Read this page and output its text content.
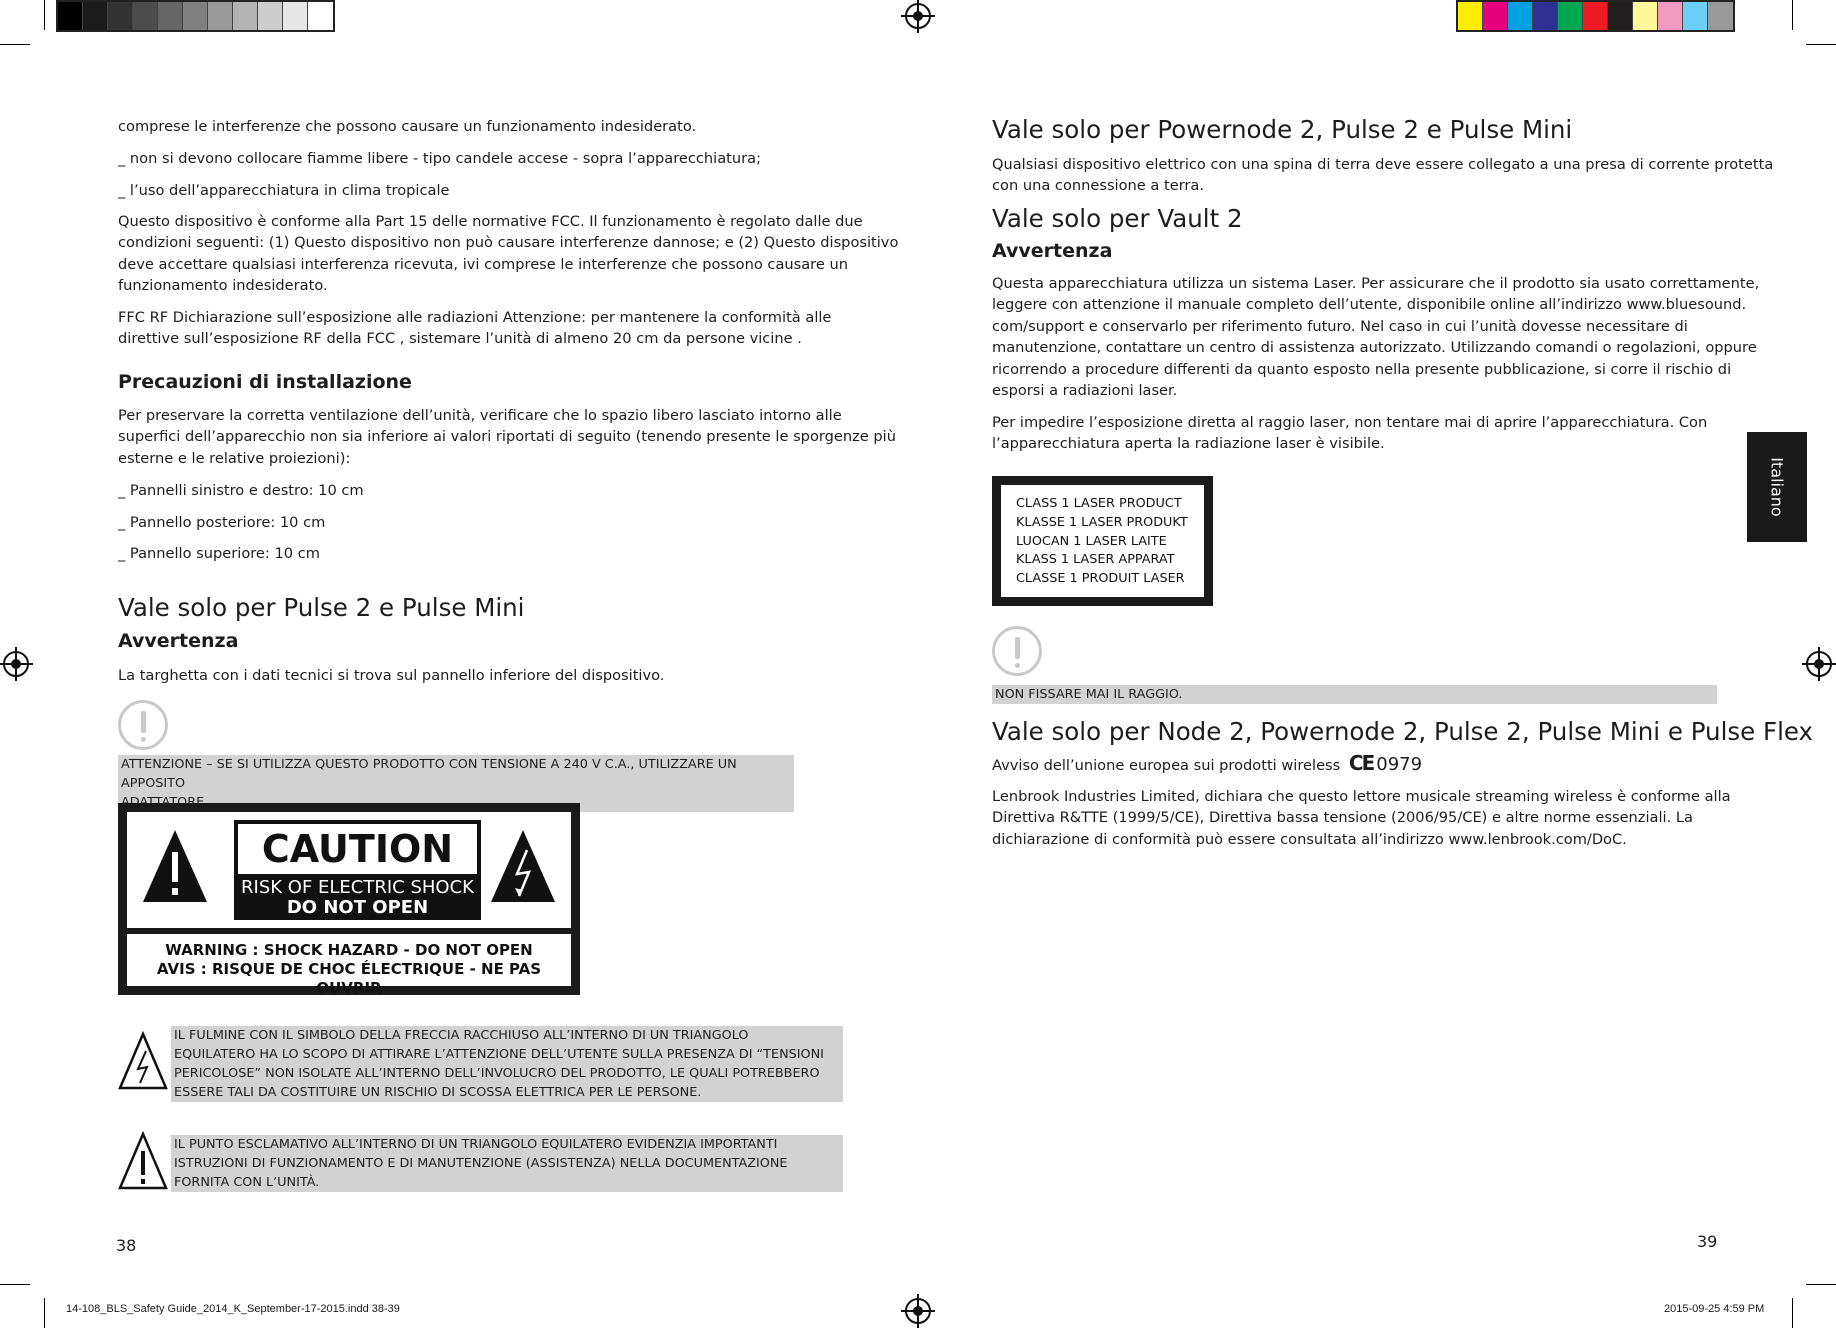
comprese le interferenze che possono causare un funzionamento indesiderato.
_ non si devono collocare fiamme libere - tipo candele accese - sopra l’apparecchiatura;
_ l’uso dell’apparecchiatura in clima tropicale
Questo dispositivo è conforme alla Part 15 delle normative FCC. Il funzionamento è regolato dalle due
condizioni seguenti: (1) Questo dispositivo non può causare interferenze dannose; e (2) Questo dispositivo
deve accettare qualsiasi interferenza ricevuta, ivi comprese le interferenze che possono causare un
funzionamento indesiderato.
FFC RF Dichiarazione sull’esposizione alle radiazioni Attenzione: per mantenere la conformità alle
direttive sull’esposizione RF della FCC , sistemare l’unità di almeno 20 cm da persone vicine .
Precauzioni di installazione
Per preservare la corretta ventilazione dell’unità, verificare che lo spazio libero lasciato intorno alle
superfici dell’apparecchio non sia inferiore ai valori riportati di seguito (tenendo presente le sporgenze più
esterne e le relative proiezioni):
_ Pannelli sinistro e destro: 10 cm
_ Pannello posteriore: 10 cm
_ Pannello superiore: 10 cm
Vale solo per Pulse 2 e Pulse Mini
Avvertenza
La targhetta con i dati tecnici si trova sul pannello inferiore del dispositivo.
ATTENZIONE – SE SI UTILIZZA QUESTO PRODOTTO CON TENSIONE A 240 V C.A., UTILIZZARE UN APPOSITO
CAUTION
RISK OF ELECTRIC SHOCK
DO NOT OPEN
WARNING : SHOCK HAZARD - DO NOT OPEN
AVIS : RISQUE DE CHOC ÉLECTRIQUE - NE PAS OUVRIR
IL FULMINE CON IL SIMBOLO DELLA FRECCIA RACCHIUSO ALL’INTERNO DI UN TRIANGOLO
EQUILATERO HA LO SCOPO DI ATTIRARE L’ATTENZIONE DELL’UTENTE SULLA PRESENZA DI “TENSIONI
PERICOLOSE” NON ISOLATE ALL’INTERNO DELL’INVOLUCRO DEL PRODOTTO, LE QUALI POTREBBERO
ESSERE TALI DA COSTITUIRE UN RISCHIO DI SCOSSA ELETTRICA PER LE PERSONE.
IL PUNTO ESCLAMATIVO ALL’INTERNO DI UN TRIANGOLO EQUILATERO EVIDENZIA IMPORTANTI
ISTRUZIONI DI FUNZIONAMENTO E DI MANUTENZIONE (ASSISTENZA) NELLA DOCUMENTAZIONE
FORNITA CON L’UNITÀ.
38
Vale solo per Powernode 2, Pulse 2 e Pulse Mini
Qualsiasi dispositivo elettrico con una spina di terra deve essere collegato a una presa di corrente protetta
con una connessione a terra.
Vale solo per Vault 2
Avvertenza
Questa apparecchiatura utilizza un sistema Laser. Per assicurare che il prodotto sia usato correttamente,
leggere con attenzione il manuale completo dell’utente, disponibile online all’indirizzo www.bluesound.
com/support e conservarlo per riferimento futuro. Nel caso in cui l’unità dovesse necessitare di
manutenzione, contattare un centro di assistenza autorizzato. Utilizzando comandi o regolazioni, oppure
ricorrendo a procedure differenti da quanto esposto nella presente pubblicazione, si corre il rischio di
esporsi a radiazioni laser.
Per impedire l’esposizione diretta al raggio laser, non tentare mai di aprire l’apparecchiatura. Con
l’apparecchiatura aperta la radiazione laser è visibile.
CLASS 1 LASER PRODUCT
KLASSE 1 LASER PRODUKT
LUOCAN 1 LASER LAITE
KLASS 1 LASER APPARAT
CLASSE 1 PRODUIT LASER
NON FISSARE MAI IL RAGGIO.
Vale solo per Node 2, Powernode 2, Pulse 2, Pulse Mini e Pulse Flex
Avviso dell’unione europea sui prodotti wireless CE 0979
Lenbrook Industries Limited, dichiara che questo lettore musicale streaming wireless è conforme alla
Direttiva R&TTE (1999/5/CE), Direttiva bassa tensione (2006/95/CE) e altre norme essenziali. La
dichiarazione di conformità può essere consultata all’indirizzo www.lenbrook.com/DoC.
Italiano
39
14-108_BLS_Safety Guide_2014_K_September-17-2015.indd 38-39	2015-09-25 4:59 PM
